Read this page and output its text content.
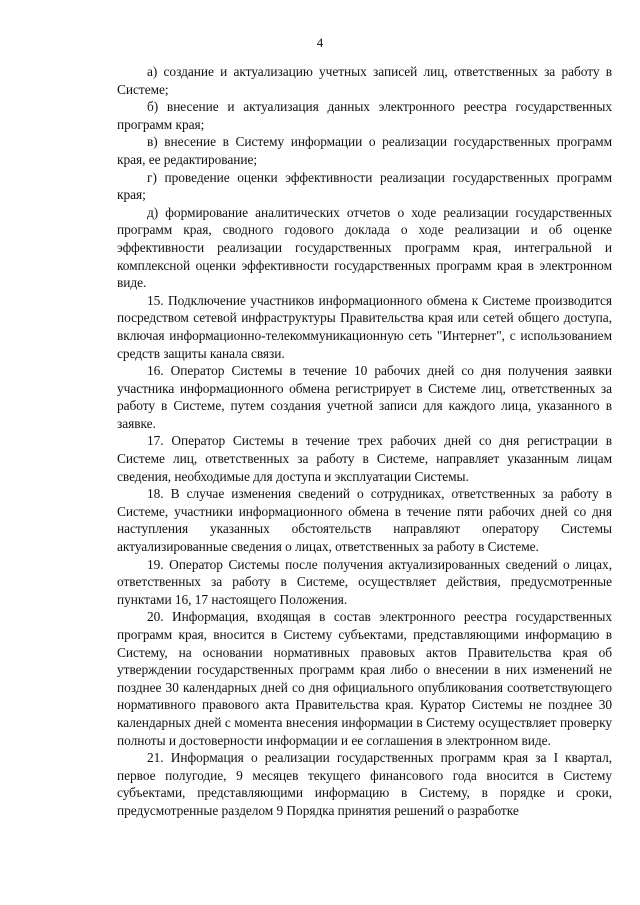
4

а) создание и актуализацию учетных записей лиц, ответственных за работу в Системе;

б) внесение и актуализация данных электронного реестра государственных программ края;

в) внесение в Систему информации о реализации государственных программ края, ее редактирование;

г) проведение оценки эффективности реализации государственных программ края;

д) формирование аналитических отчетов о ходе реализации государственных программ края, сводного годового доклада о ходе реализации и об оценке эффективности реализации государственных программ края, интегральной и комплексной оценки эффективности государственных программ края в электронном виде.

15. Подключение участников информационного обмена к Системе производится посредством сетевой инфраструктуры Правительства края или сетей общего доступа, включая информационно-телекоммуникационную сеть "Интернет", с использованием средств защиты канала связи.

16. Оператор Системы в течение 10 рабочих дней со дня получения заявки участника информационного обмена регистрирует в Системе лиц, ответственных за работу в Системе, путем создания учетной записи для каждого лица, указанного в заявке.

17. Оператор Системы в течение трех рабочих дней со дня регистрации в Системе лиц, ответственных за работу в Системе, направляет указанным лицам сведения, необходимые для доступа и эксплуатации Системы.

18. В случае изменения сведений о сотрудниках, ответственных за работу в Системе, участники информационного обмена в течение пяти рабочих дней со дня наступления указанных обстоятельств направляют оператору Системы актуализированные сведения о лицах, ответственных за работу в Системе.

19. Оператор Системы после получения актуализированных сведений о лицах, ответственных за работу в Системе, осуществляет действия, предусмотренные пунктами 16, 17 настоящего Положения.

20. Информация, входящая в состав электронного реестра государственных программ края, вносится в Систему субъектами, представляющими информацию в Систему, на основании нормативных правовых актов Правительства края об утверждении государственных программ края либо о внесении в них изменений не позднее 30 календарных дней со дня официального опубликования соответствующего нормативного правового акта Правительства края. Куратор Системы не позднее 30 календарных дней с момента внесения информации в Систему осуществляет проверку полноты и достоверности информации и ее соглашения в электронном виде.

21. Информация о реализации государственных программ края за I квартал, первое полугодие, 9 месяцев текущего финансового года вносится в Систему субъектами, представляющими информацию в Систему, в порядке и сроки, предусмотренные разделом 9 Порядка принятия решений о разработке
